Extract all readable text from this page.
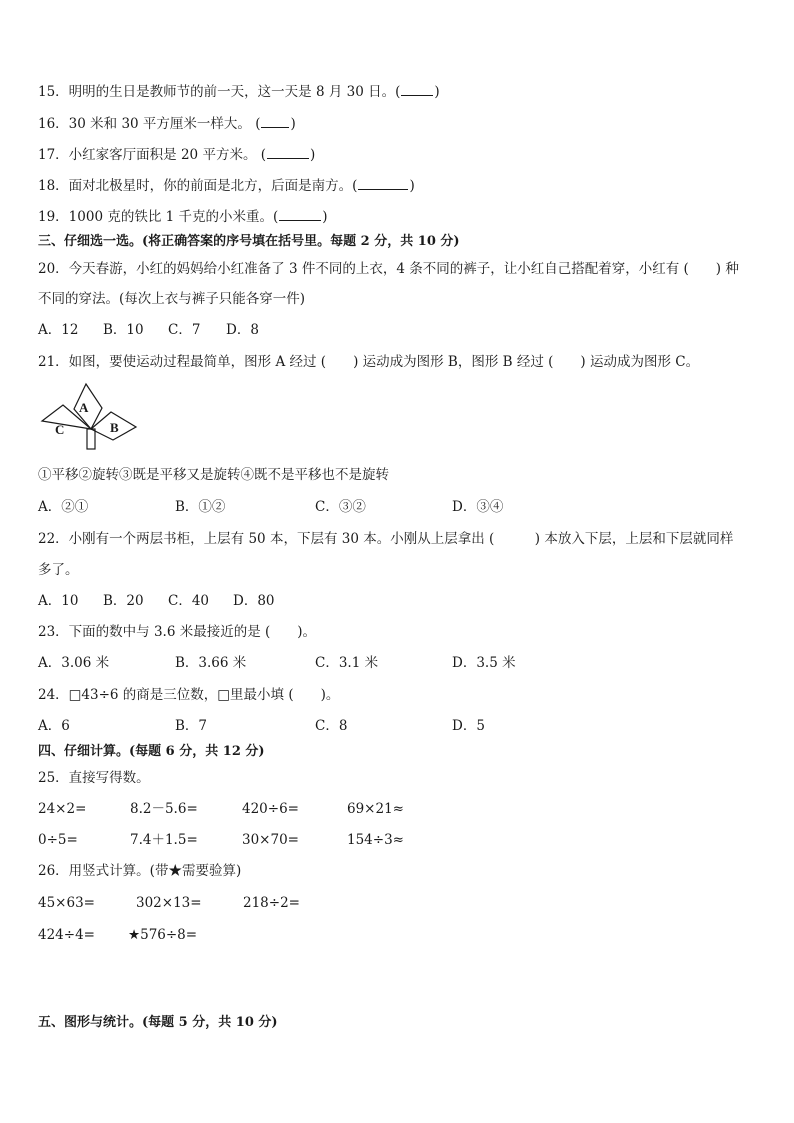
15．明明的生日是教师节的前一天，这一天是 8 月 30 日。(	)
16．30 米和 30 平方厘米一样大。 ( )
17．小红家客厅面积是 20 平方米。 (	)
18．面对北极星时，你的前面是北方，后面是南方。(	)
19．1000 克的铁比 1 千克的小米重。(	)
三、仔细选一选。(将正确答案的序号填在括号里。每题 2 分，共 10 分)
20．今天春游，小红的妈妈给小红准备了 3 件不同的上衣，4 条不同的裤子，让小红自己搭配着穿，小红有 (　　) 种
不同的穿法。(每次上衣与裤子只能各穿一件)
A．12 B．10 C．7 D．8
21．如图，要使运动过程最简单，图形 A 经过 (　　) 运动成为图形 B，图形 B 经过 (　　) 运动成为图形 C。
A
C	B
①平移②旋转③既是平移又是旋转④既不是平移也不是旋转
A．②①	B．①②	C．③②	D．③④
22．小刚有一个两层书柜，上层有 50 本，下层有 30 本。小刚从上层拿出 (　　　) 本放入下层，上层和下层就同样
多了。
A．10 B．20 C．40 D．80
23．下面的数中与 3.6 米最接近的是 (　　)。
A．3.06 米	B．3.66 米	C．3.1 米	D．3.5 米
24．□43÷6 的商是三位数，□里最小填 (　　)。
A．6	B．7	C．8	D．5
四、仔细计算。(每题 6 分，共 12 分)
25．直接写得数。
24×2=	8.2－5.6=	420÷6=	69×21≈
0÷5=	7.4＋1.5=	30×70=	154÷3≈
26．用竖式计算。(带★需要验算)
45×63=	302×13=	218÷2=
424÷4= ★576÷8=
五、图形与统计。(每题 5 分，共 10 分)
